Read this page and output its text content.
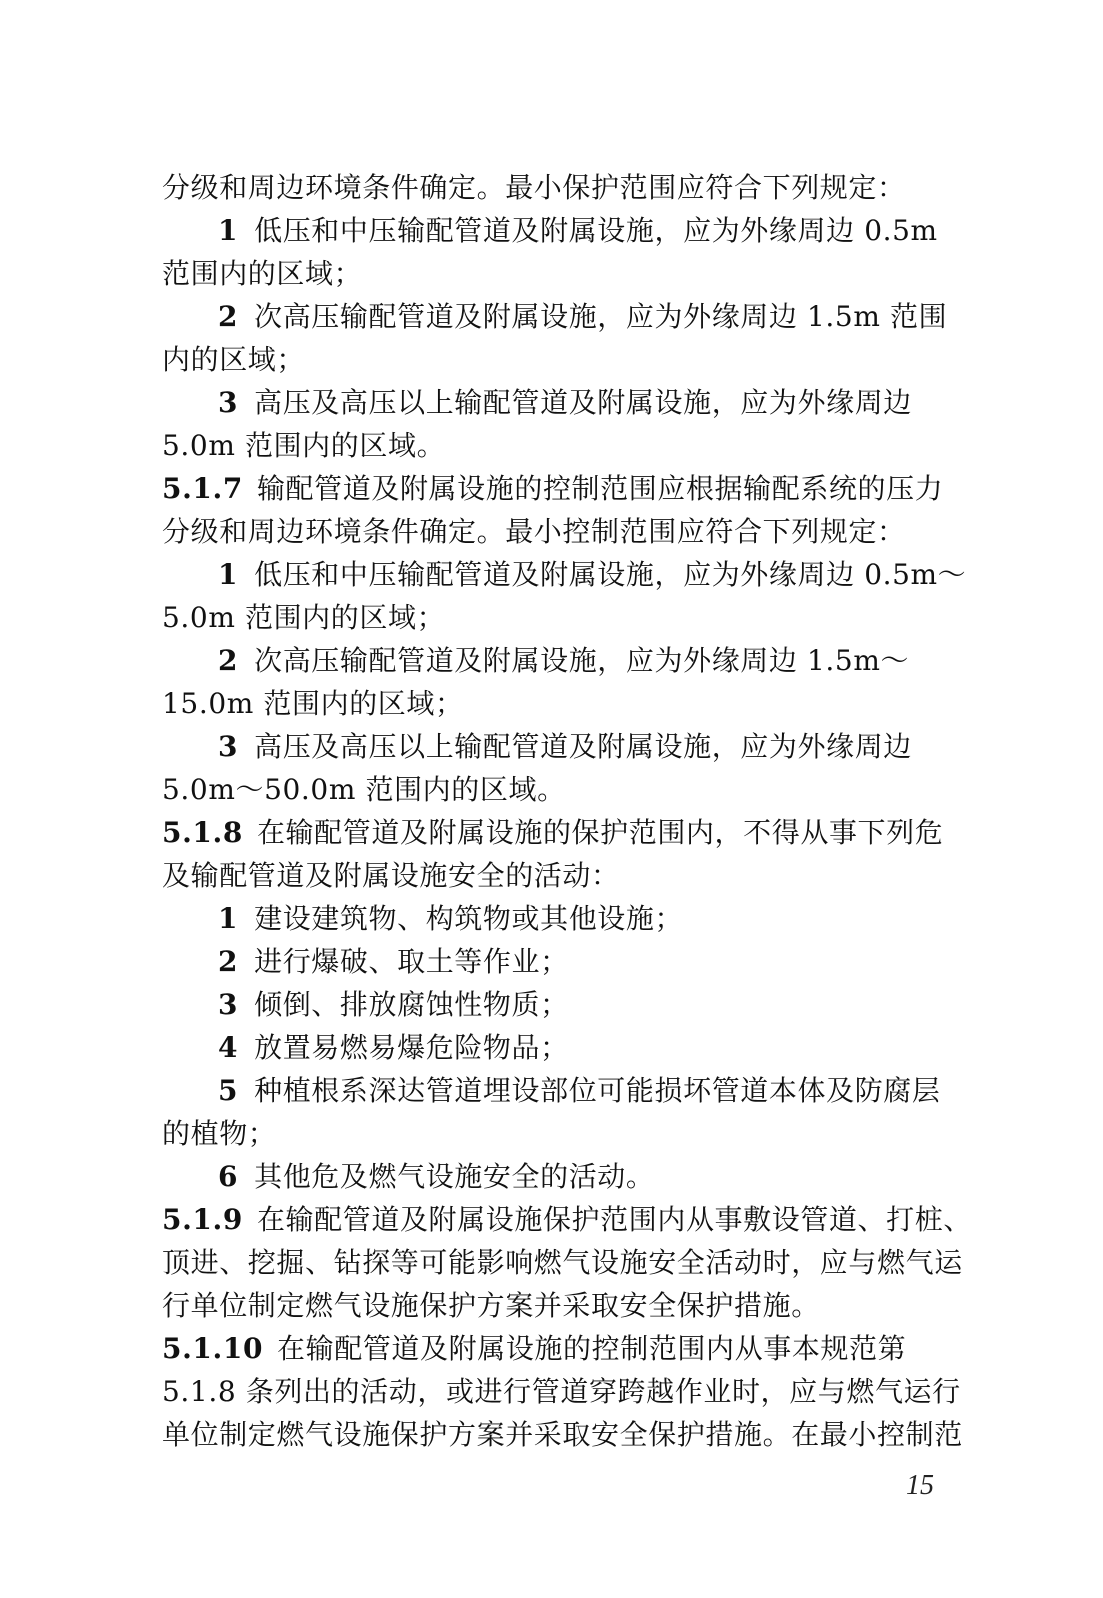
分级和周边环境条件确定。最小保护范围应符合下列规定：
1 低压和中压输配管道及附属设施，应为外缘周边 0.5m
范围内的区域；
2 次高压输配管道及附属设施，应为外缘周边 1.5m 范围
内的区域；
3 高压及高压以上输配管道及附属设施，应为外缘周边
5.0m 范围内的区域。
5.1.7 输配管道及附属设施的控制范围应根据输配系统的压力
分级和周边环境条件确定。最小控制范围应符合下列规定：
1 低压和中压输配管道及附属设施，应为外缘周边 0.5m～
5.0m 范围内的区域；
2 次高压输配管道及附属设施，应为外缘周边 1.5m～
15.0m 范围内的区域；
3 高压及高压以上输配管道及附属设施，应为外缘周边
5.0m～50.0m 范围内的区域。
5.1.8 在输配管道及附属设施的保护范围内，不得从事下列危
及输配管道及附属设施安全的活动：
1 建设建筑物、构筑物或其他设施；
2 进行爆破、取土等作业；
3 倾倒、排放腐蚀性物质；
4 放置易燃易爆危险物品；
5 种植根系深达管道埋设部位可能损坏管道本体及防腐层
的植物；
6 其他危及燃气设施安全的活动。
5.1.9 在输配管道及附属设施保护范围内从事敷设管道、打桩、
顶进、挖掘、钻探等可能影响燃气设施安全活动时，应与燃气运
行单位制定燃气设施保护方案并采取安全保护措施。
5.1.10 在输配管道及附属设施的控制范围内从事本规范第
5.1.8 条列出的活动，或进行管道穿跨越作业时，应与燃气运行
单位制定燃气设施保护方案并采取安全保护措施。在最小控制范
15
